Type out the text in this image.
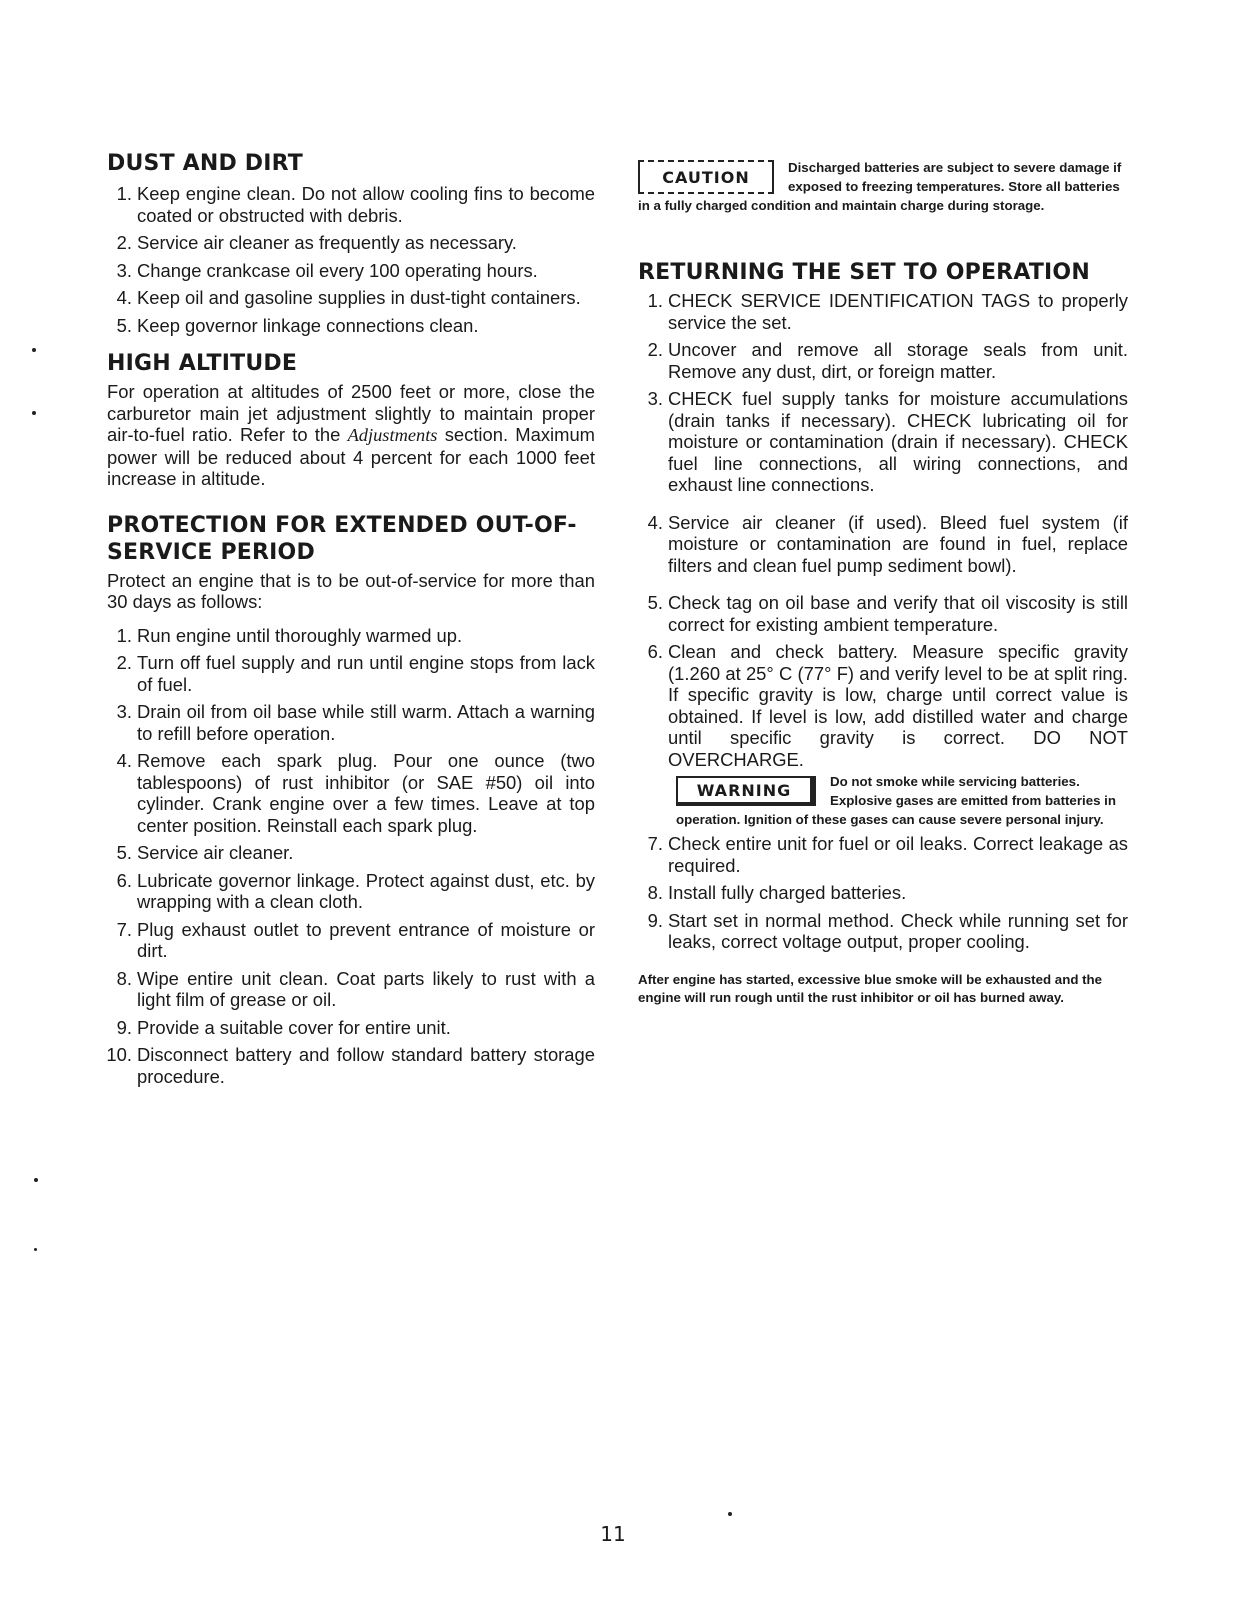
DUST AND DIRT
1. Keep engine clean. Do not allow cooling fins to become coated or obstructed with debris.
2. Service air cleaner as frequently as necessary.
3. Change crankcase oil every 100 operating hours.
4. Keep oil and gasoline supplies in dust-tight containers.
5. Keep governor linkage connections clean.
HIGH ALTITUDE

For operation at altitudes of 2500 feet or more, close the carburetor main jet adjustment slightly to maintain proper air-to-fuel ratio. Refer to the Adjustments section. Maximum power will be reduced about 4 percent for each 1000 feet increase in altitude.

PROTECTION FOR EXTENDED OUT-OF-
SERVICE PERIOD

Protect an engine that is to be out-of-service for more than 30 days as follows:

1. Run engine until thoroughly warmed up.
2. Turn off fuel supply and run until engine stops from lack of fuel.
3. Drain oil from oil base while still warm. Attach a warning to refill before operation.
4. Remove each spark plug. Pour one ounce (two tablespoons) of rust inhibitor (or SAE #50) oil into cylinder. Crank engine over a few times. Leave at top center position. Reinstall each spark plug.
5. Service air cleaner.
6. Lubricate governor linkage. Protect against dust, etc. by wrapping with a clean cloth.
7. Plug exhaust outlet to prevent entrance of moisture or dirt.
8. Wipe entire unit clean. Coat parts likely to rust with a light film of grease or oil.
9. Provide a suitable cover for entire unit.
10. Disconnect battery and follow standard battery storage procedure.
CAUTION	Discharged batteries are subject to severe damage if exposed to freezing temperatures. Store all batteries in a fully charged condition and maintain charge during storage.
RETURNING THE SET TO OPERATION
1. CHECK SERVICE IDENTIFICATION TAGS to properly service the set.
2. Uncover and remove all storage seals from unit. Remove any dust, dirt, or foreign matter.
3. CHECK fuel supply tanks for moisture accumulations (drain tanks if necessary). CHECK lubricating oil for moisture or contamination (drain if necessary). CHECK fuel line connections, all wiring connections, and exhaust line connections.
4. Service air cleaner (if used). Bleed fuel system (if moisture or contamination are found in fuel, replace filters and clean fuel pump sediment bowl).
5. Check tag on oil base and verify that oil viscosity is still correct for existing ambient temperature.
6. Clean and check battery. Measure specific gravity (1.260 at 25° C (77° F) and verify level to be at split ring. If specific gravity is low, charge until correct value is obtained. If level is low, add distilled water and charge until specific gravity is correct. DO NOT OVERCHARGE.
WARNING	Do not smoke while servicing batteries. Explosive gases are emitted from batteries in operation. Ignition of these gases can cause severe personal injury.
7. Check entire unit for fuel or oil leaks. Correct leakage as required.
8. Install fully charged batteries.
9. Start set in normal method. Check while running set for leaks, correct voltage output, proper cooling.

After engine has started, excessive blue smoke will be exhausted and the engine will run rough until the rust inhibitor or oil has burned away.

11
